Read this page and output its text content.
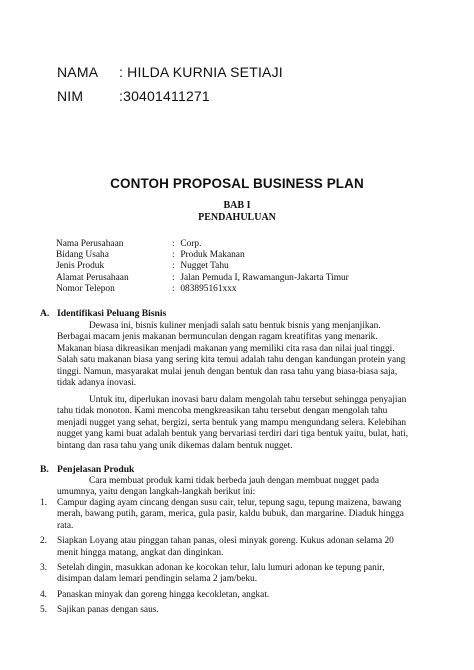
NAMA : HILDA KURNIA SETIAJI
NIM	:30401411271
CONTOH PROPOSAL BUSINESS PLAN
BAB I
PENDAHULUAN
Nama Perusahaan	: Corp.
Bidang Usaha	: Produk Makanan
Jenis Produk	: Nugget Tahu
Alamat Perusahaan	: Jalan Pemuda I, Rawamangun-Jakarta Timur
Nomor Telepon	: 083895161xxx
A. Identifikasi Peluang Bisnis
Dewasa ini, bisnis kuliner menjadi salah satu bentuk bisnis yang menjanjikan.
Berbagai macam jenis makanan bermunculan dengan ragam kreatifitas yang menarik.
Makanan biasa dikreasikan menjadi makanan yang memiliki cita rasa dan nilai jual tinggi.
Salah satu makanan biasa yang sering kita temui adalah tahu dengan kandungan protein yang
tinggi. Namun, masyarakat mulai jenuh dengan bentuk dan rasa tahu yang biasa-biasa saja,
tidak adanya inovasi.
Untuk itu, diperlukan inovasi baru dalam mengolah tahu tersebut sehingga penyajian
tahu tidak monoton. Kami mencoba mengkreasikan tahu tersebut dengan mengolah tahu
menjadi nugget yang sehat, bergizi, serta bentuk yang mampu mengundang selera. Kelebihan
nugget yang kami buat adalah bentuk yang bervariasi terdiri dari tiga bentuk yaitu, bulat, hati,
bintang dan rasa tahu yang unik dikemas dalam bentuk nugget.
B. Penjelasan Produk
Cara membuat produk kami tidak berbeda jauh dengan membuat nugget pada
umumnya, yaitu dengan langkah-langkah berikut ini:
1. Campur daging ayam cincang dengan susu cair, telur, tepung sagu, tepung maizena, bawang
merah, bawang putih, garam, merica, gula pasir, kaldu bubuk, dan margarine. Diaduk hingga
rata.
2. Siapkan Loyang atau pinggan tahan panas, olesi minyak goreng. Kukus adonan selama 20
menit hingga matang, angkat dan dinginkan.
3. Setelah dingin, masukkan adonan ke kocokan telur, lalu lumuri adonan ke tepung panir,
disimpan dalam lemari pendingin selama 2 jam/beku.
4. Panaskan minyak dan goreng hingga kecokletan, angkat.
5. Sajikan panas dengan saus.
